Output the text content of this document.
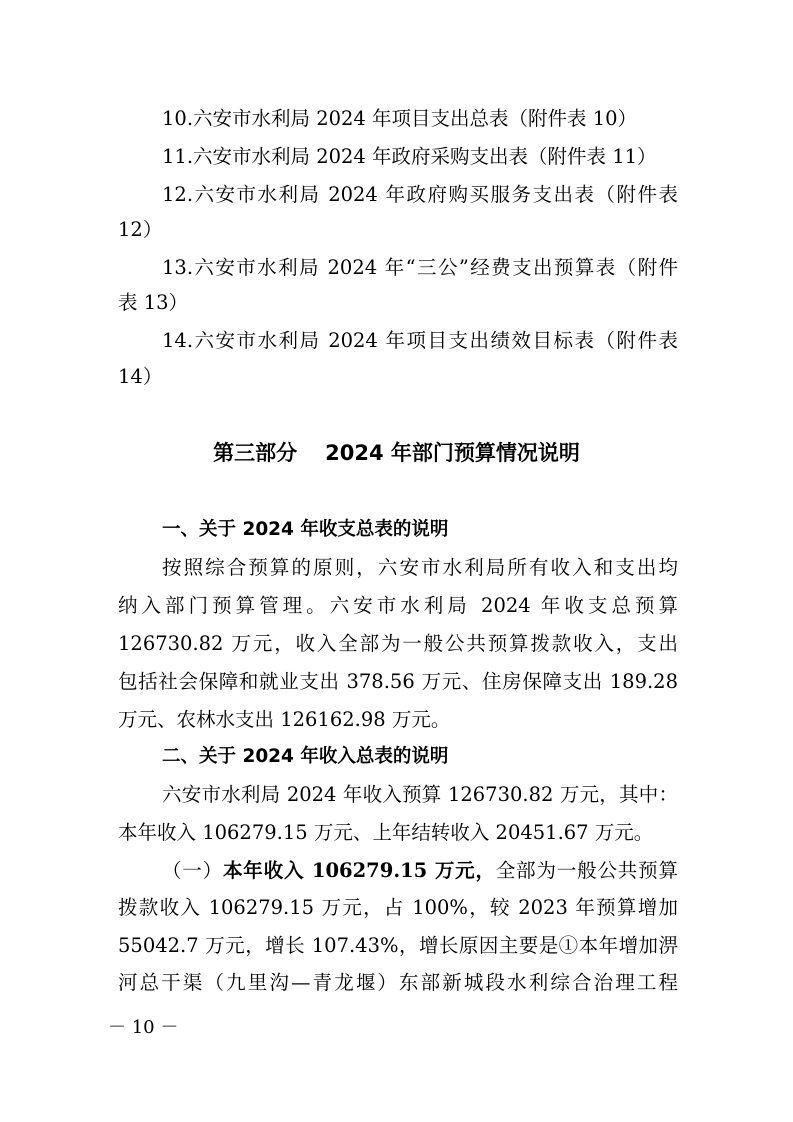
10.六安市水利局 2024 年项目支出总表（附件表 10）
11.六安市水利局 2024 年政府采购支出表（附件表 11）
12.六安市水利局 2024 年政府购买服务支出表（附件表
12）
13.六安市水利局 2024 年“三公”经费支出预算表（附件
表 13）
14.六安市水利局 2024 年项目支出绩效目标表（附件表
14）
第三部分 2024 年部门预算情况说明
一、关于 2024 年收支总表的说明
按照综合预算的原则，六安市水利局所有收入和支出均
纳入部门预算管理。六安市水利局 2024 年收支总预算
126730.82 万元，收入全部为一般公共预算拨款收入，支出
包括社会保障和就业支出 378.56 万元、住房保障支出 189.28
万元、农林水支出 126162.98 万元。
二、关于 2024 年收入总表的说明
六安市水利局 2024 年收入预算 126730.82 万元，其中：
本年收入 106279.15 万元、上年结转收入 20451.67 万元。
（一）本年收入 106279.15 万元，全部为一般公共预算
拨款收入 106279.15 万元，占 100%，较 2023 年预算增加
55042.7 万元，增长 107.43%，增长原因主要是①本年增加淠
河总干渠（九里沟—青龙堰）东部新城段水利综合治理工程
－ 10 －
